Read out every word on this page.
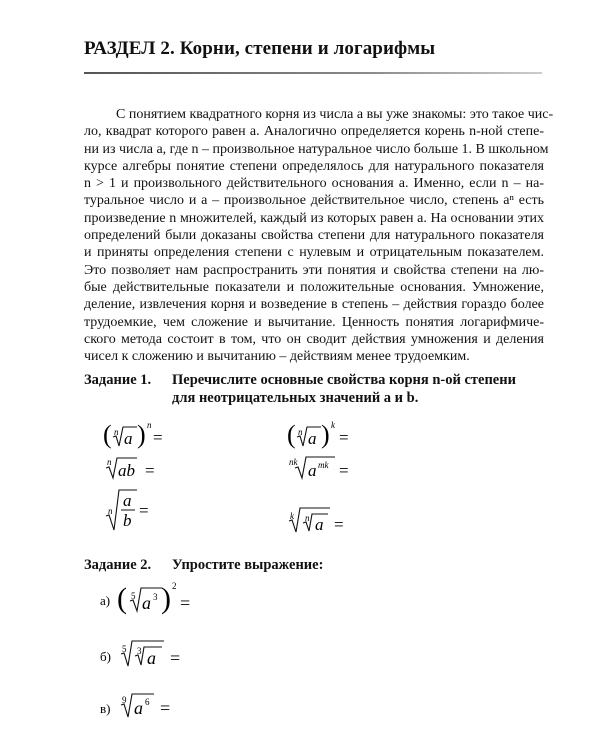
РАЗДЕЛ 2. Корни, степени и логарифмы
С понятием квадратного корня из числа a вы уже знакомы: это такое чис-
ло, квадрат которого равен a. Аналогично определяется корень n-ной степе-
ни из числа a, где n – произвольное натуральное число больше 1. В школьном
курсе алгебры понятие степени определялось для натурального показателя
n > 1 и произвольного действительного основания a. Именно, если n – на-
туральное число и a – произвольное действительное число, степень aⁿ есть
произведение n множителей, каждый из которых равен a. На основании этих
определений были доказаны свойства степени для натурального показателя
и приняты определения степени с нулевым и отрицательным показателем.
Это позволяет нам распространить эти понятия и свойства степени на лю-
бые действительные показатели и положительные основания. Умножение,
деление, извлечения корня и возведение в степень – действия гораздо более
трудоемкие, чем сложение и вычитание. Ценность понятия логарифмиче-
ского метода состоит в том, что он сводит действия умножения и деления
чисел к сложению и вычитанию – действиям менее трудоемким.
Задание 1. Перечислите основные свойства корня n-ой степени
для неотрицательных значений a и b.
( n a ) n
=	( n a ) k
=
n ab =	nk a mk =
n
a
b
=	k n a =
Задание 2. Упростите выражение:
а) ( 5 a 3 ) 2
=
б) 5 3 a =
в)
9 a 6 =
